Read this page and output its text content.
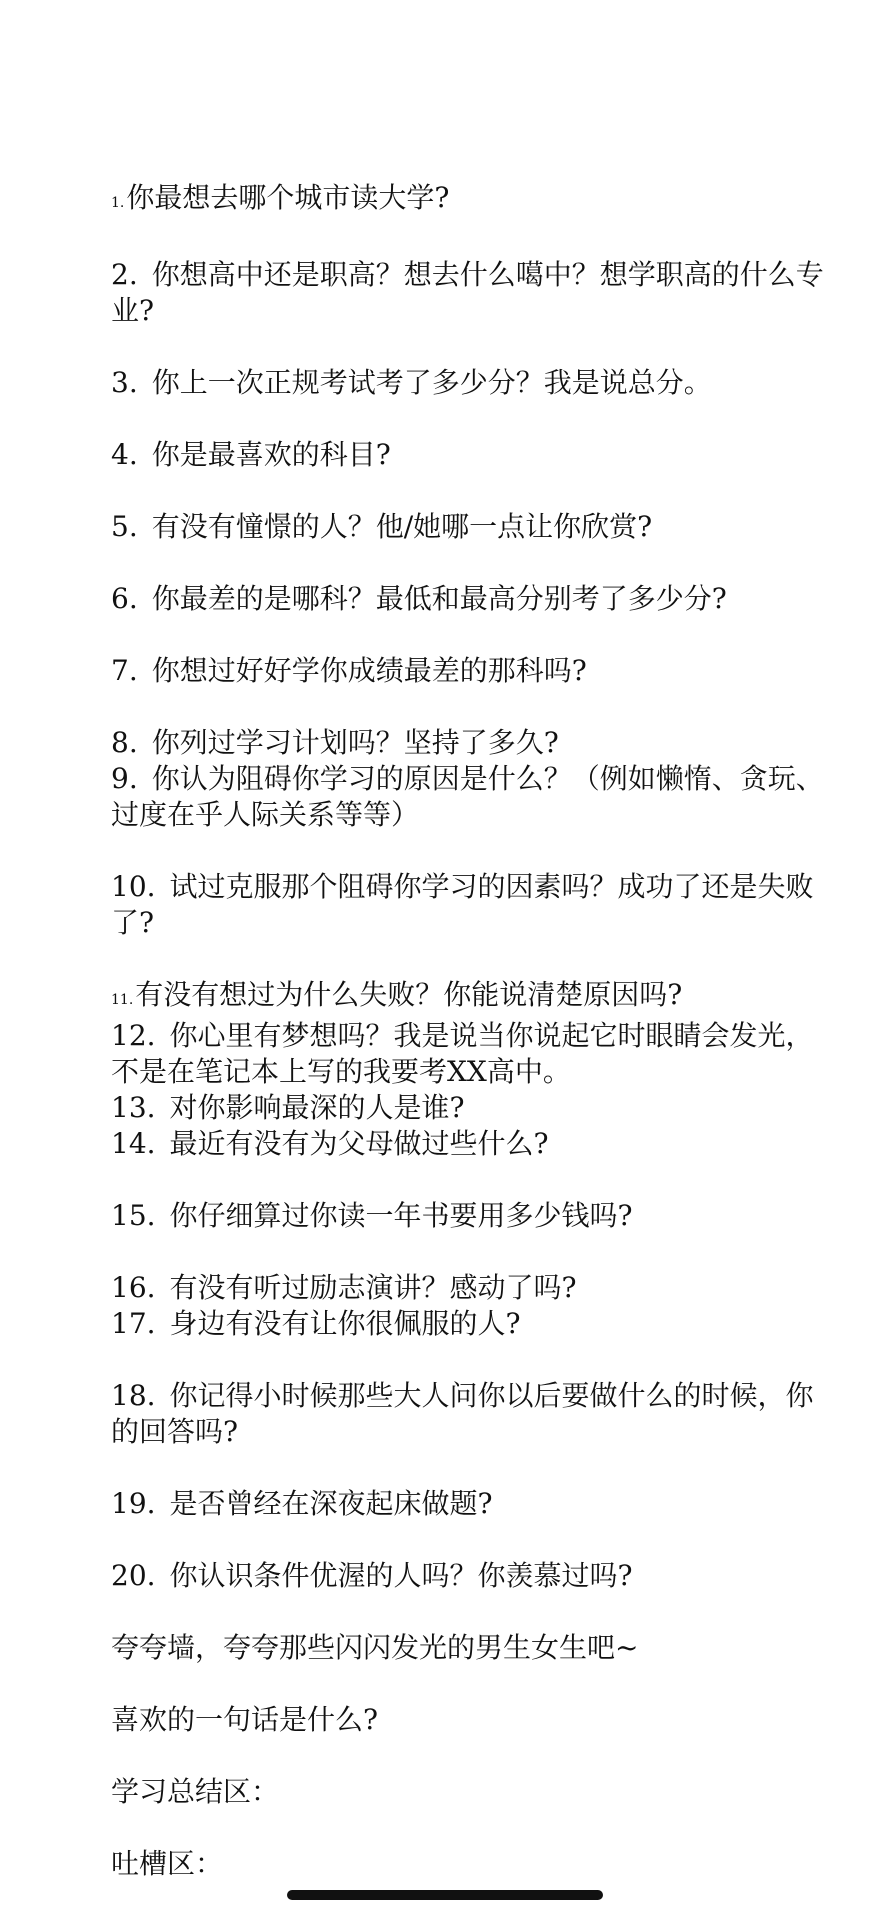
1.你最想去哪个城市读大学?

2. 你想高中还是职高？想去什么噶中？想学职高的什么专业?

3. 你上一次正规考试考了多少分？我是说总分。

4. 你是最喜欢的科目?

5. 有没有憧憬的人？他/她哪一点让你欣赏?

6. 你最差的是哪科？最低和最高分别考了多少分?

7. 你想过好好学你成绩最差的那科吗?

8. 你列过学习计划吗？坚持了多久?

9. 你认为阻碍你学习的原因是什么？（例如懒惰、贪玩、过度在乎人际关系等等）

10. 试过克服那个阻碍你学习的因素吗？成功了还是失败了?

11.有没有想过为什么失败？你能说清楚原因吗?

12. 你心里有梦想吗？我是说当你说起它时眼睛会发光，不是在笔记本上写的我要考XX高中。

13. 对你影响最深的人是谁?

14. 最近有没有为父母做过些什么?

15. 你仔细算过你读一年书要用多少钱吗?

16. 有没有听过励志演讲？感动了吗?

17. 身边有没有让你很佩服的人?

18. 你记得小时候那些大人问你以后要做什么的时候，你的回答吗?

19. 是否曾经在深夜起床做题?

20. 你认识条件优渥的人吗？你羡慕过吗?

夸夸墙，夸夸那些闪闪发光的男生女生吧~

喜欢的一句话是什么?

学习总结区：

吐槽区：
